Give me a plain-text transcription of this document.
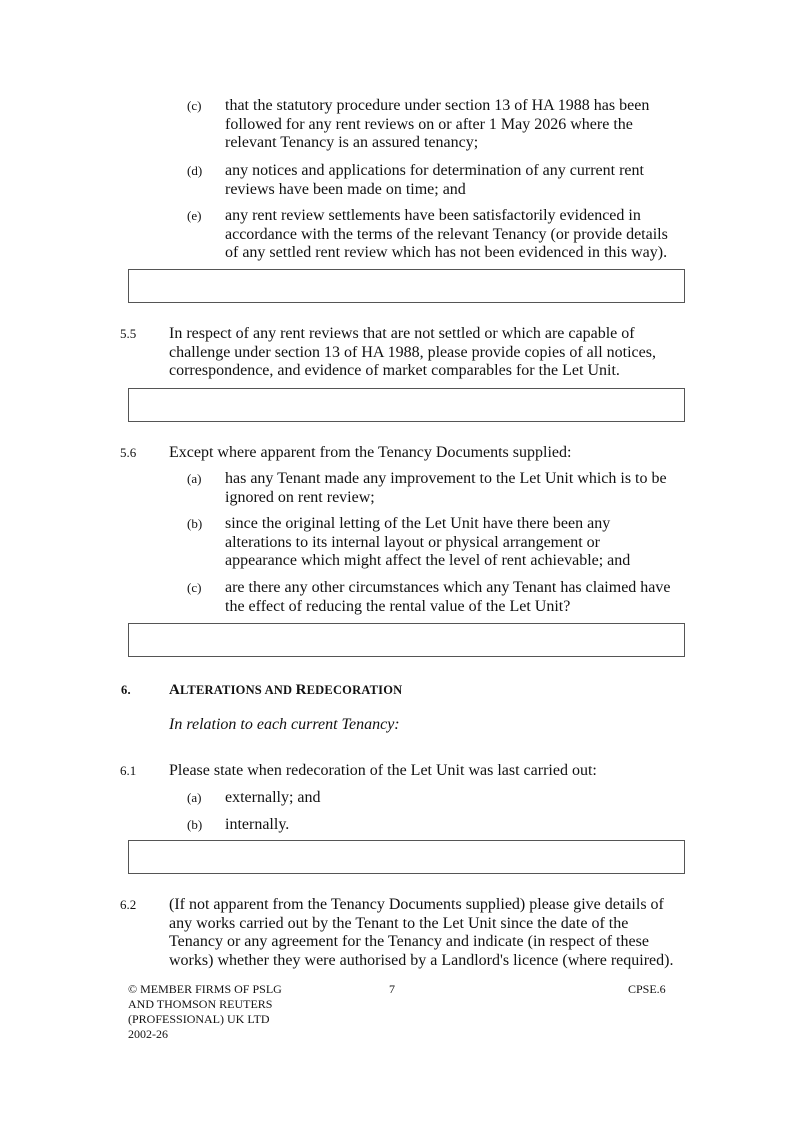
(c) that the statutory procedure under section 13 of HA 1988 has been
followed for any rent reviews on or after 1 May 2026 where the
relevant Tenancy is an assured tenancy;
(d) any notices and applications for determination of any current rent
reviews have been made on time; and
(e) any rent review settlements have been satisfactorily evidenced in
accordance with the terms of the relevant Tenancy (or provide details
of any settled rent review which has not been evidenced in this way).
5.5 In respect of any rent reviews that are not settled or which are capable of
challenge under section 13 of HA 1988, please provide copies of all notices,
correspondence, and evidence of market comparables for the Let Unit.
5.6 Except where apparent from the Tenancy Documents supplied:
(a) has any Tenant made any improvement to the Let Unit which is to be
ignored on rent review;
(b) since the original letting of the Let Unit have there been any
alterations to its internal layout or physical arrangement or
appearance which might affect the level of rent achievable; and
(c) are there any other circumstances which any Tenant has claimed have
the effect of reducing the rental value of the Let Unit?
6.	ALTERATIONS AND REDECORATION
In relation to each current Tenancy:
6.1 Please state when redecoration of the Let Unit was last carried out:
(a) externally; and
(b) internally.
6.2 (If not apparent from the Tenancy Documents supplied) please give details of
any works carried out by the Tenant to the Let Unit since the date of the
Tenancy or any agreement for the Tenancy and indicate (in respect of these
works) whether they were authorised by a Landlord's licence (where required).
© MEMBER FIRMS OF PSLG
AND THOMSON REUTERS
(PROFESSIONAL) UK LTD
2002-26
7	CPSE.6
